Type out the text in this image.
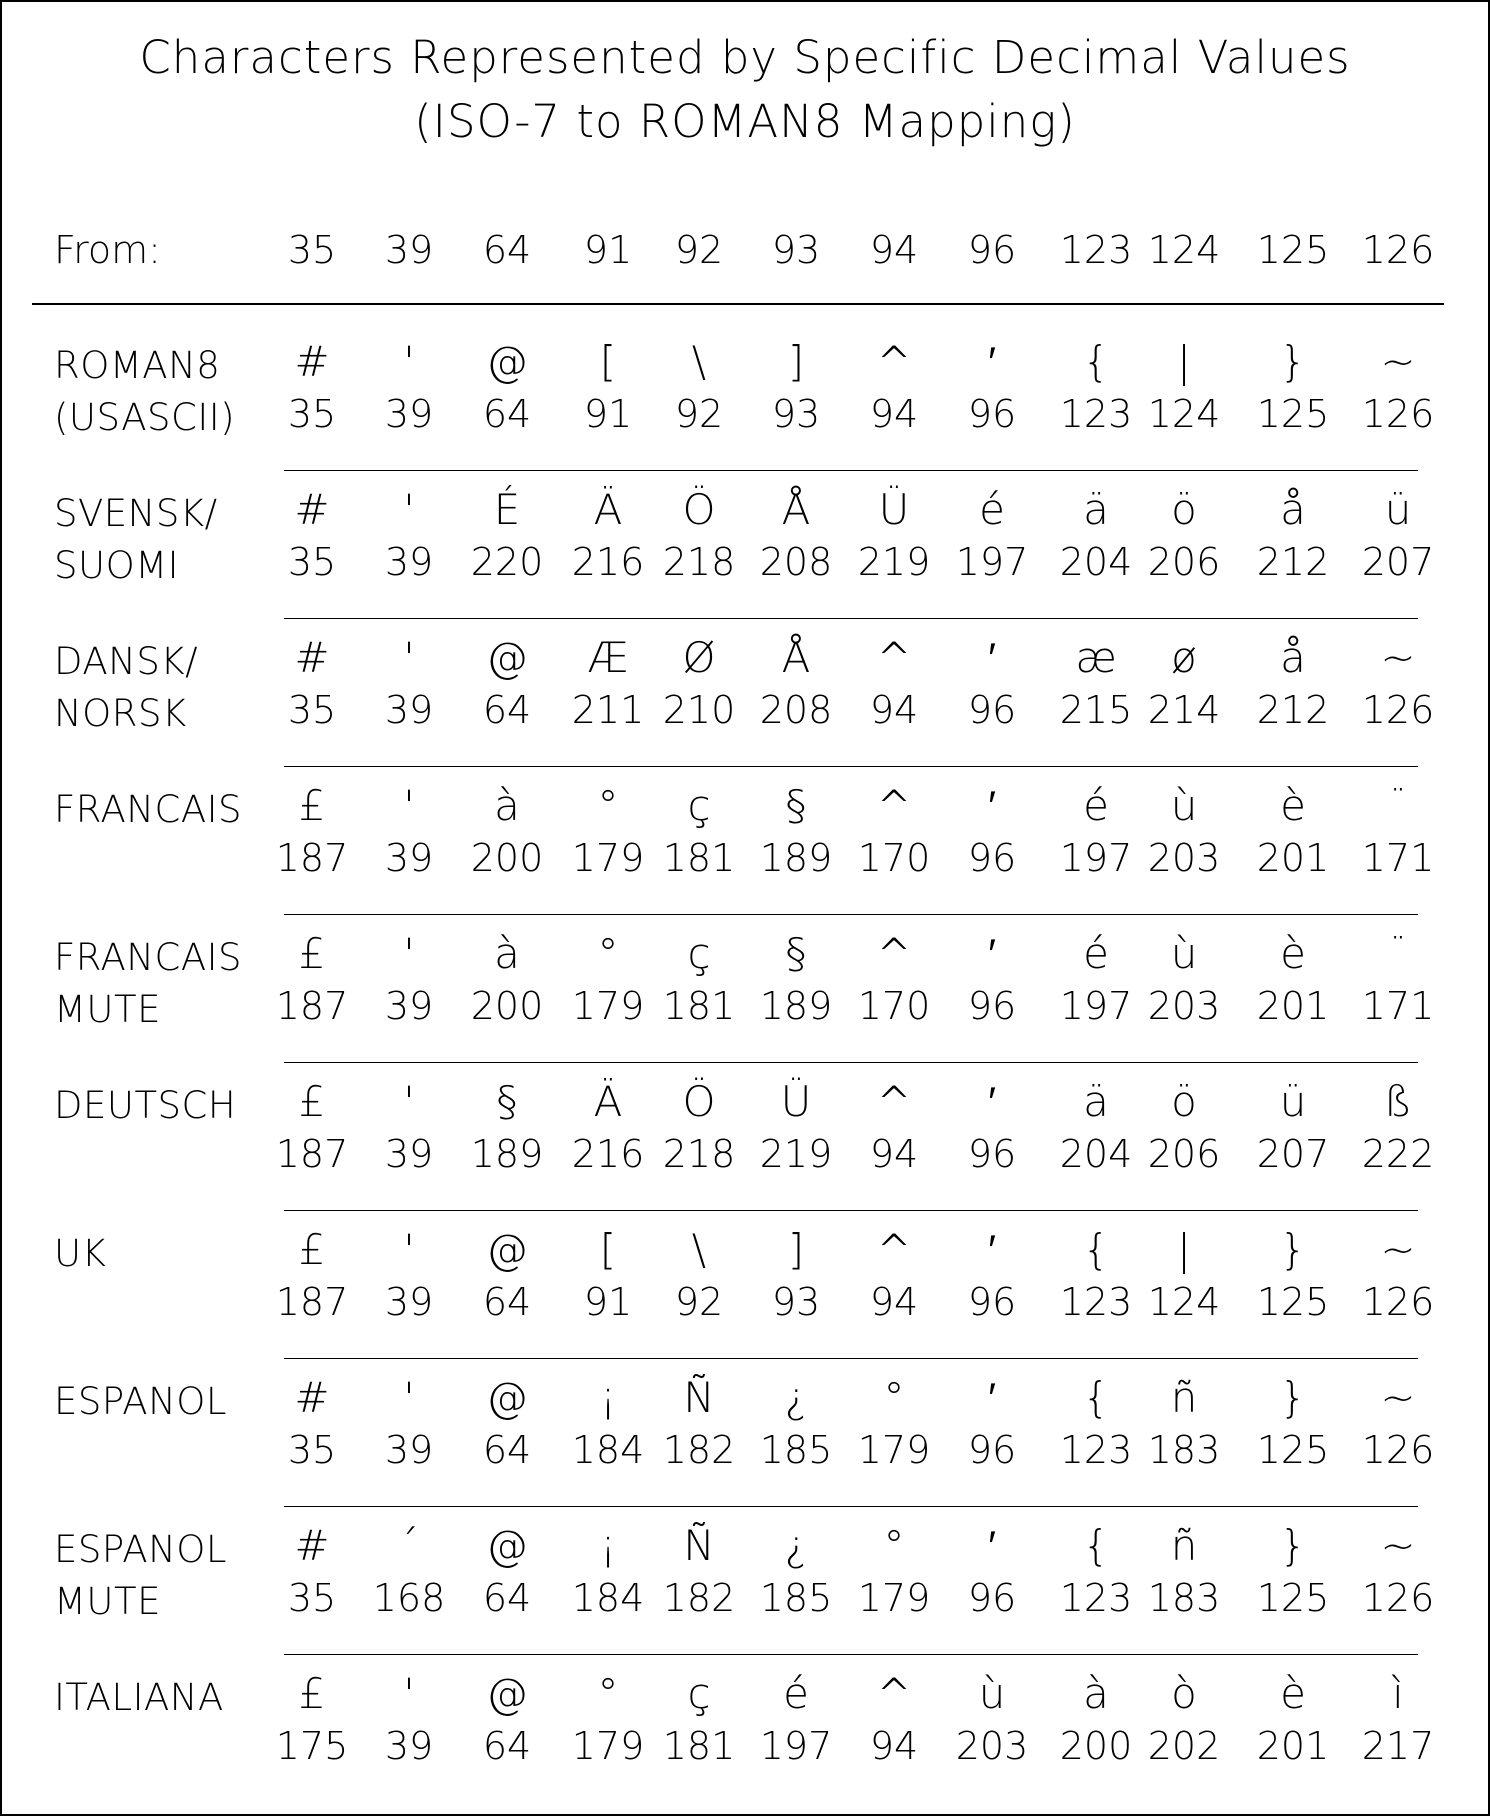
Characters Represented by Specific Decimal Values
(ISO-7 to ROMAN8 Mapping)
From:	35	39	64	91	92	93	94	96	123 124 125 126
ROMAN8
(USASCII)
#	'	@	[	\	]	^	′	{	|	}	~
35	39	64	91	92	93	94	96	123 124 125 126
SVENSK/
SUOMI
#	'	É	Ä	Ö	Å	Ü	é	ä	ö	å	ü
35	39 220 216 218 208 219 197 204 206 212 207
DANSK/
NORSK
#	'	@	Æ	Ø	Å	^	′	æ	ø	å	~
35	39	64	211 210 208 94	96	215 214 212 126
FRANCAIS	£	'	à	°	ç	§	^	′	é	ù	è	¨
187 39 200 179 181 189 170 96	197 203 201 171
FRANCAIS
MUTE
£	'	à	°	ç	§	^	′	é	ù	è	¨
187 39 200 179 181 189 170 96	197 203 201 171
DEUTSCH	£	'	§	Ä	Ö	Ü	^	′	ä	ö	ü	ß
187 39 189 216 218 219 94	96	204 206 207 222
UK	£	'	@	[	\	]	^	′	{	|	}	~
187 39	64	91	92	93	94	96	123 124 125 126
ESPANOL	#	'	@	¡	Ñ	¿	°	′	{	ñ	}	~
35	39	64	184 182 185 179 96	123 183 125 126
ESPANOL
MUTE
#	´	@	¡	Ñ	¿	°	′	{	ñ	}	~
35 168 64	184 182 185 179 96	123 183 125 126
ITALIANA	£	'	@	°	ç	é	^	ù	à	ò	è	ì
175 39	64	179 181 197 94 203 200 202 201 217
